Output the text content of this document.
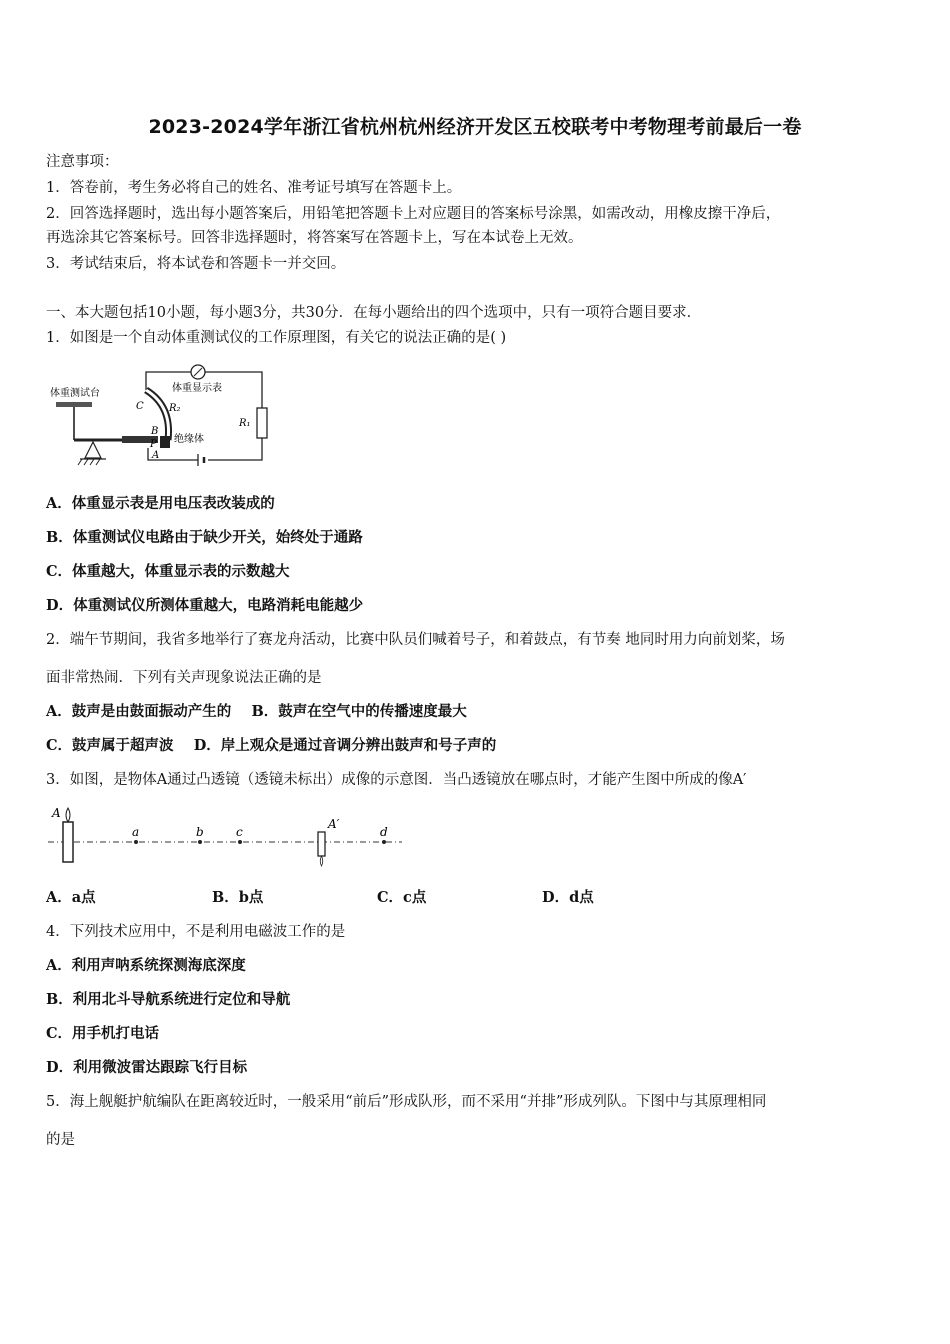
2023-2024学年浙江省杭州杭州经济开发区五校联考中考物理考前最后一卷
注意事项：
1．答卷前，考生务必将自己的姓名、准考证号填写在答题卡上。
2．回答选择题时，选出每小题答案后，用铅笔把答题卡上对应题目的答案标号涂黑，如需改动，用橡皮擦干净后，
再选涂其它答案标号。回答非选择题时，将答案写在答题卡上，写在本试卷上无效。
3．考试结束后，将本试卷和答题卡一并交回。
一、本大题包括10小题，每小题3分，共30分．在每小题给出的四个选项中，只有一项符合题目要求．
1．如图是一个自动体重测试仪的工作原理图，有关它的说法正确的是( )
体重测试台	体重显示表
绝缘体
R₁
R₂
C
B
P
A
A．体重显示表是用电压表改装成的
B．体重测试仪电路由于缺少开关，始终处于通路
C．体重越大，体重显示表的示数越大
D．体重测试仪所测体重越大，电路消耗电能越少
2．端午节期间，我省多地举行了赛龙舟活动，比赛中队员们喊着号子，和着鼓点，有节奏 地同时用力向前划桨，场
面非常热闹．下列有关声现象说法正确的是
A．鼓声是由鼓面振动产生的    B．鼓声在空气中的传播速度最大
C．鼓声属于超声波    D．岸上观众是通过音调分辨出鼓声和号子声的
3．如图，是物体A通过凸透镜（透镜未标出）成像的示意图．当凸透镜放在哪点时，才能产生图中所成的像A′
A
a	b	c	d
A′
A．a点	B．b点	C．c点	D．d点
4．下列技术应用中，不是利用电磁波工作的是
A．利用声呐系统探测海底深度
B．利用北斗导航系统进行定位和导航
C．用手机打电话
D．利用微波雷达跟踪飞行目标
5．海上舰艇护航编队在距离较近时，一般采用“前后”形成队形，而不采用“并排”形成列队。下图中与其原理相同
的是
